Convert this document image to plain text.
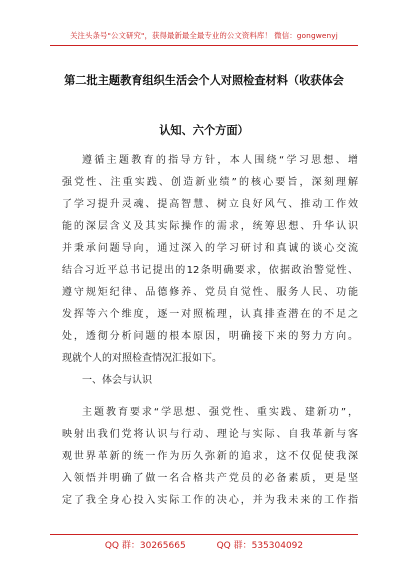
关注头条号"公文研究"，获得最新最全最专业的公文资料库！ 微信：gongwenyj
第二批主题教育组织生活会个人对照检查材料（收获体会
认知、六个方面）
遵循主题教育的指导方针，本人围绕“学习思想、增
强党性、注重实践、创造新业绩”的核心要旨，深刻理解
了学习提升灵魂、提高智慧、树立良好风气、推动工作效
能的深层含义及其实际操作的需求，统筹思想、升华认识
并秉承问题导向，通过深入的学习研讨和真诚的谈心交流
结合习近平总书记提出的12条明确要求，依据政治警觉性、
遵守规矩纪律、品德修养、党员自觉性、服务人民、功能
发挥等六个维度，逐一对照梳理，认真排查潜在的不足之
处，透彻分析问题的根本原因，明确接下来的努力方向。
现就个人的对照检查情况汇报如下。
一、体会与认识
主题教育要求“学思想、强党性、重实践、建新功”，
映射出我们党将认识与行动、理论与实际、自我革新与客
观世界革新的统一作为历久弥新的追求，这不仅促使我深
入领悟并明确了做一名合格共产党员的必备素质，更是坚
定了我全身心投入实际工作的决心，并为我未来的工作指
QQ 群：30265665	QQ 群：535304092
